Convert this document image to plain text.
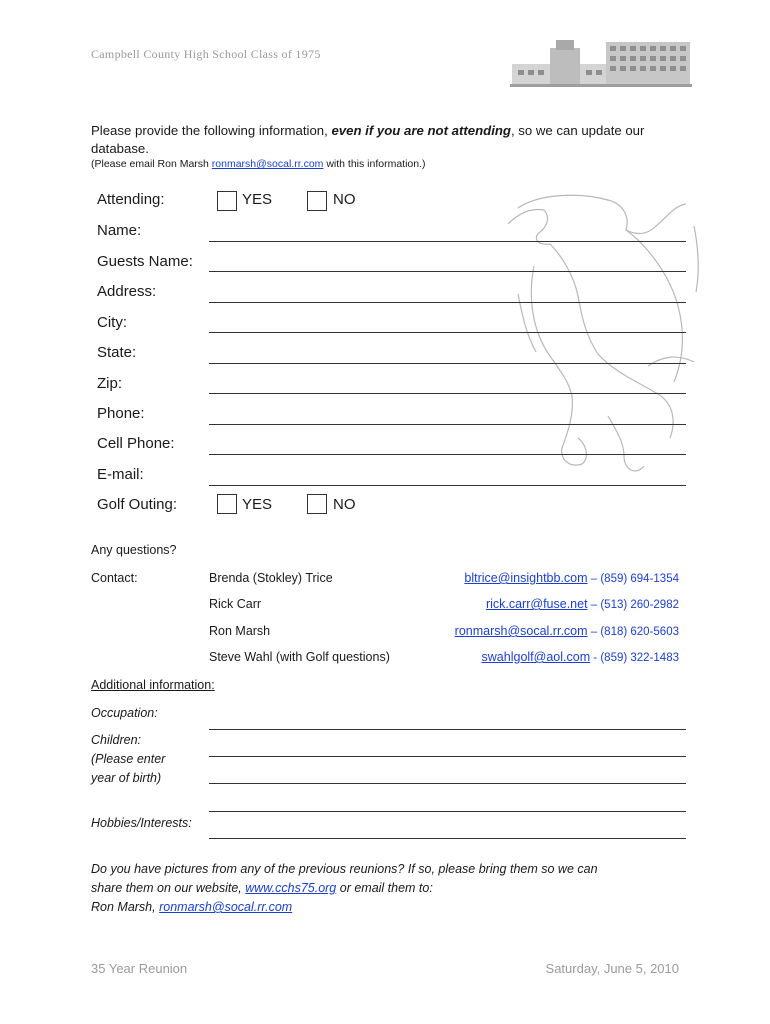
Campbell County High School Class of 1975
Please provide the following information, even if you are not attending, so we can update our database.
(Please email Ron Marsh ronmarsh@socal.rr.com with this information.)
Attending:	YES	NO
Name:
Guests Name:
Address:
City:
State:
Zip:
Phone:
Cell Phone:
E-mail:
Golf Outing:	YES	NO
Any questions?
Contact:	Brenda (Stokley) Trice	bltrice@insightbb.com – (859) 694-1354
Rick Carr	rick.carr@fuse.net – (513) 260-2982
Ron Marsh	ronmarsh@socal.rr.com – (818) 620-5603
Steve Wahl (with Golf questions)	swahlgolf@aol.com - (859) 322-1483
Additional information:
Occupation:
Children:
(Please enter
year of birth)
Hobbies/Interests:
Do you have pictures from any of the previous reunions? If so, please bring them so we can
share them on our website, www.cchs75.org or email them to:
Ron Marsh, ronmarsh@socal.rr.com
35 Year Reunion	Saturday, June 5, 2010
